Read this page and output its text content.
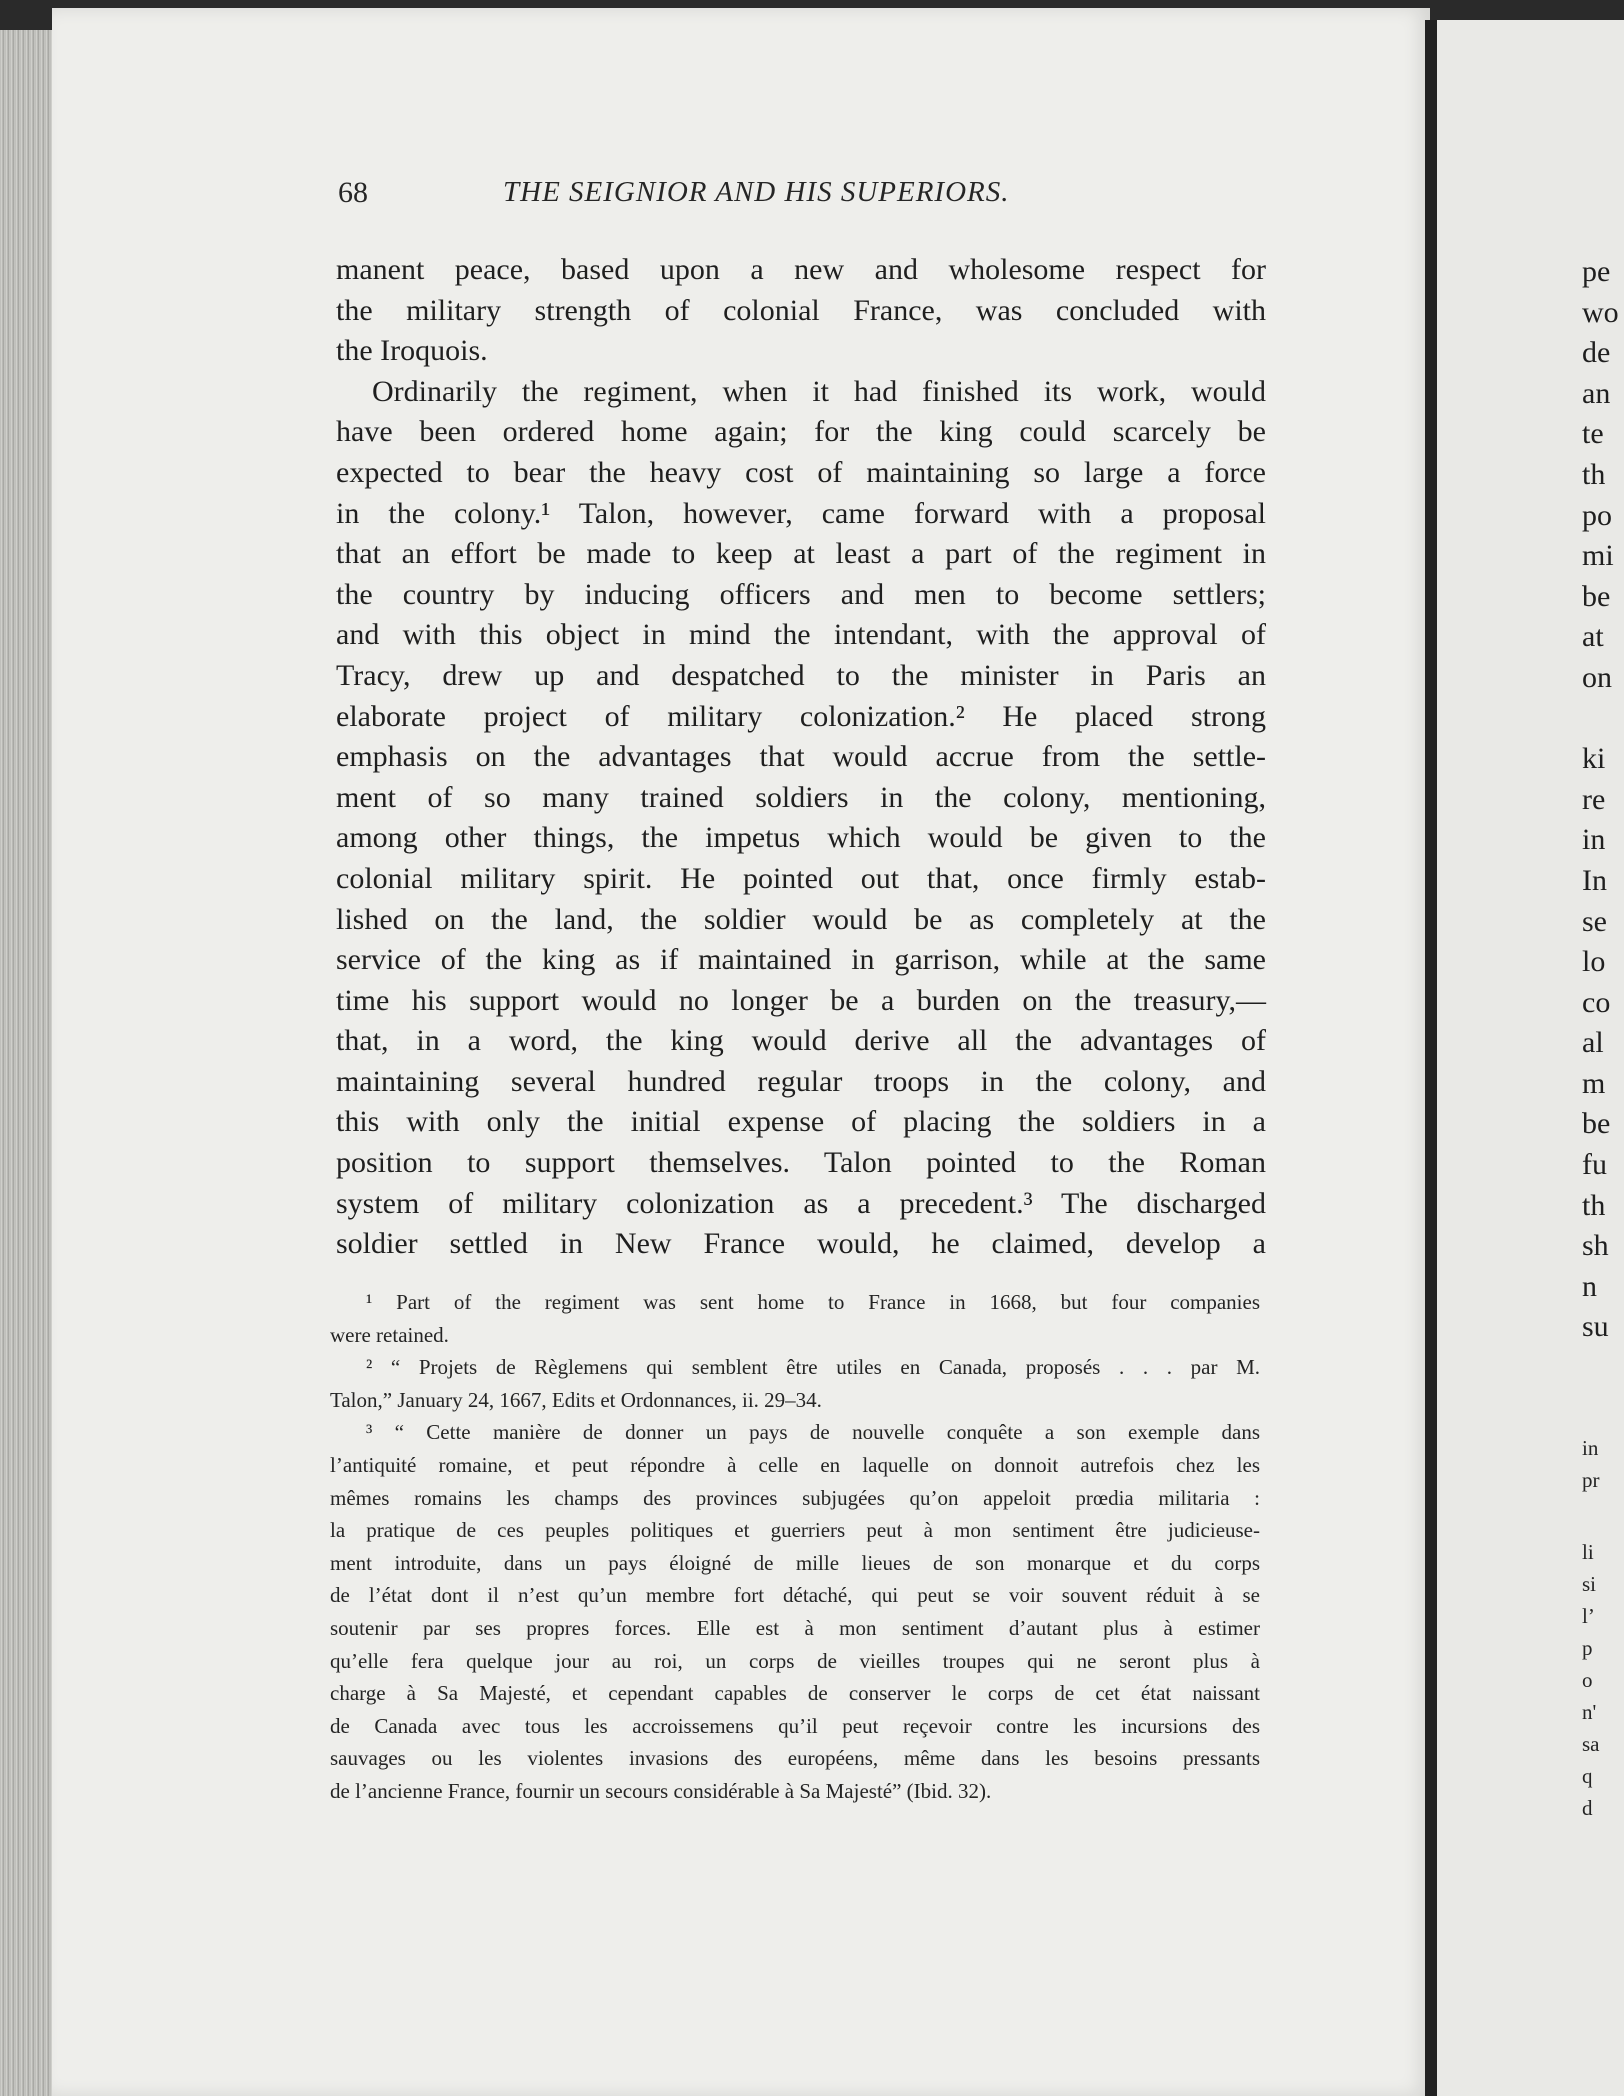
68	THE SEIGNIOR AND HIS SUPERIORS.
manent peace, based upon a new and wholesome respect for
the military strength of colonial France, was concluded with
the Iroquois.
Ordinarily the regiment, when it had finished its work, would
have been ordered home again; for the king could scarcely be
expected to bear the heavy cost of maintaining so large a force
in the colony.¹ Talon, however, came forward with a proposal
that an effort be made to keep at least a part of the regiment in
the country by inducing officers and men to become settlers;
and with this object in mind the intendant, with the approval of
Tracy, drew up and despatched to the minister in Paris an
elaborate project of military colonization.² He placed strong
emphasis on the advantages that would accrue from the settle-
ment of so many trained soldiers in the colony, mentioning,
among other things, the impetus which would be given to the
colonial military spirit. He pointed out that, once firmly estab-
lished on the land, the soldier would be as completely at the
service of the king as if maintained in garrison, while at the same
time his support would no longer be a burden on the treasury,—
that, in a word, the king would derive all the advantages of
maintaining several hundred regular troops in the colony, and
this with only the initial expense of placing the soldiers in a
position to support themselves. Talon pointed to the Roman
system of military colonization as a precedent.³ The discharged
soldier settled in New France would, he claimed, develop a
¹ Part of the regiment was sent home to France in 1668, but four companies
were retained.
² “ Projets de Règlemens qui semblent être utiles en Canada, proposés . . . par M.
Talon,” January 24, 1667, Edits et Ordonnances, ii. 29–34.
³ “ Cette manière de donner un pays de nouvelle conquête a son exemple dans
l’antiquité romaine, et peut répondre à celle en laquelle on donnoit autrefois chez les
mêmes romains les champs des provinces subjugées qu’on appeloit prœdia militaria :
la pratique de ces peuples politiques et guerriers peut à mon sentiment être judicieuse-
ment introduite, dans un pays éloigné de mille lieues de son monarque et du corps
de l’état dont il n’est qu’un membre fort détaché, qui peut se voir souvent réduit à se
soutenir par ses propres forces. Elle est à mon sentiment d’autant plus à estimer
qu’elle fera quelque jour au roi, un corps de vieilles troupes qui ne seront plus à
charge à Sa Majesté, et cependant capables de conserver le corps de cet état naissant
de Canada avec tous les accroissemens qu’il peut reçevoir contre les incursions des
sauvages ou les violentes invasions des européens, même dans les besoins pressants
de l’ancienne France, fournir un secours considérable à Sa Majesté” (Ibid. 32).
pe
wo
de
an
te
th
po
mi
be
at
on
ki
re
in
In
se
lo
co
al
m
be
fu
th
sh
n
su
in
pr
li
si
l’
p
o
n'
sa
q
d
